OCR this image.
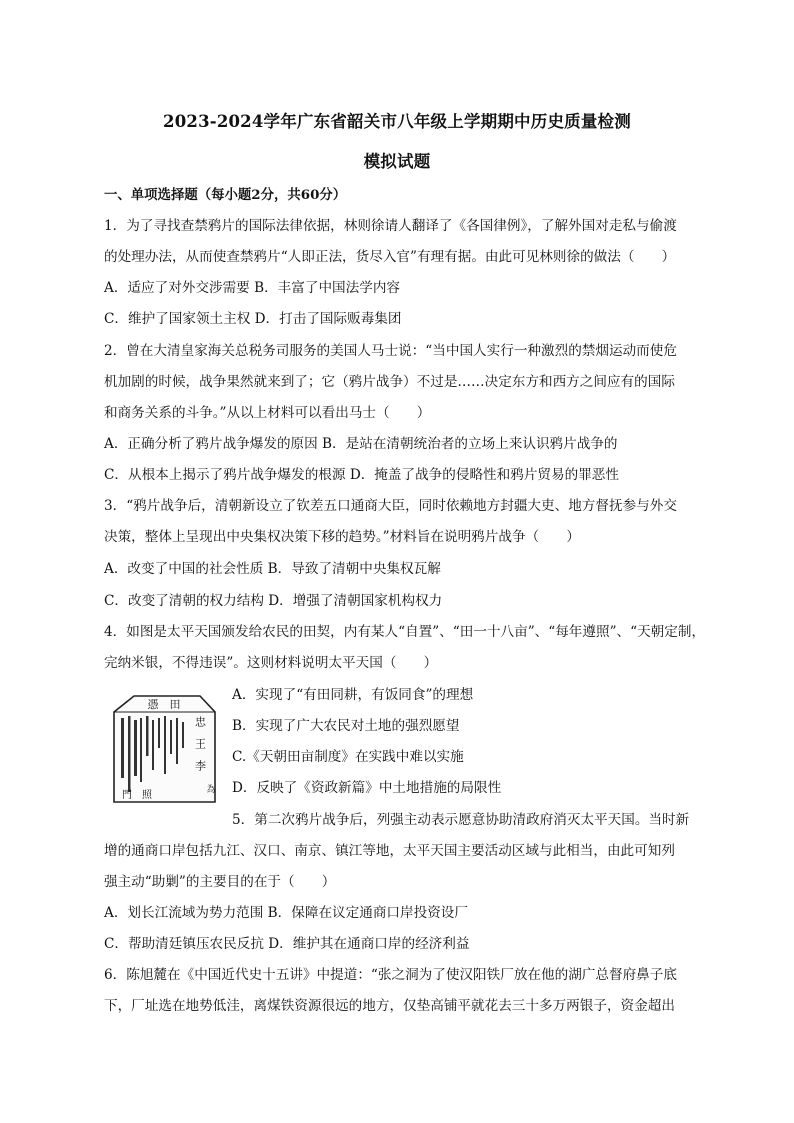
2023-2024学年广东省韶关市八年级上学期期中历史质量检测
模拟试题
一、单项选择题（每小题2分，共60分）
1．为了寻找查禁鸦片的国际法律依据，林则徐请人翻译了《各国律例》，了解外国对走私与偷渡
的处理办法，从而使查禁鸦片“人即正法，货尽入官”有理有据。由此可见林则徐的做法（　　）
A．适应了对外交涉需要 B．丰富了中国法学内容
C．维护了国家领土主权 D．打击了国际贩毒集团
2．曾在大清皇家海关总税务司服务的美国人马士说：“当中国人实行一种激烈的禁烟运动而使危
机加剧的时候，战争果然就来到了；它（鸦片战争）不过是……决定东方和西方之间应有的国际
和商务关系的斗争。”从以上材料可以看出马士（　　）
A．正确分析了鸦片战争爆发的原因 B．是站在清朝统治者的立场上来认识鸦片战争的
C．从根本上揭示了鸦片战争爆发的根源 D．掩盖了战争的侵略性和鸦片贸易的罪恶性
3．“鸦片战争后，清朝新设立了钦差五口通商大臣，同时依赖地方封疆大吏、地方督抚参与外交
决策，整体上呈现出中央集权决策下移的趋势。”材料旨在说明鸦片战争（　　）
A．改变了中国的社会性质 B．导致了清朝中央集权瓦解
C．改变了清朝的权力结构 D．增强了清朝国家机构权力
4．如图是太平天国颁发给农民的田契，内有某人“自置”、“田一十八亩”、“每年遵照”、“天朝定制，
完纳米银，不得违误”。这则材料说明太平天国（　　）
憑　田
忠　王　李
為
門　照
A．实现了“有田同耕，有饭同食”的理想
B．实现了广大农民对土地的强烈愿望
C.《天朝田亩制度》在实践中难以实施
D．反映了《资政新篇》中土地措施的局限性
5．第二次鸦片战争后，列强主动表示愿意协助清政府消灭太平天国。当时新
增的通商口岸包括九江、汉口、南京、镇江等地，太平天国主要活动区域与此相当，由此可知列
强主动“助剿”的主要目的在于（　　）
A．划长江流域为势力范围 B．保障在议定通商口岸投资设厂
C．帮助清廷镇压农民反抗 D．维护其在通商口岸的经济利益
6．陈旭麓在《中国近代史十五讲》中提道：“张之洞为了使汉阳铁厂放在他的湖广总督府鼻子底
下，厂址选在地势低洼，离煤铁资源很远的地方，仅垫高铺平就花去三十多万两银子，资金超出
